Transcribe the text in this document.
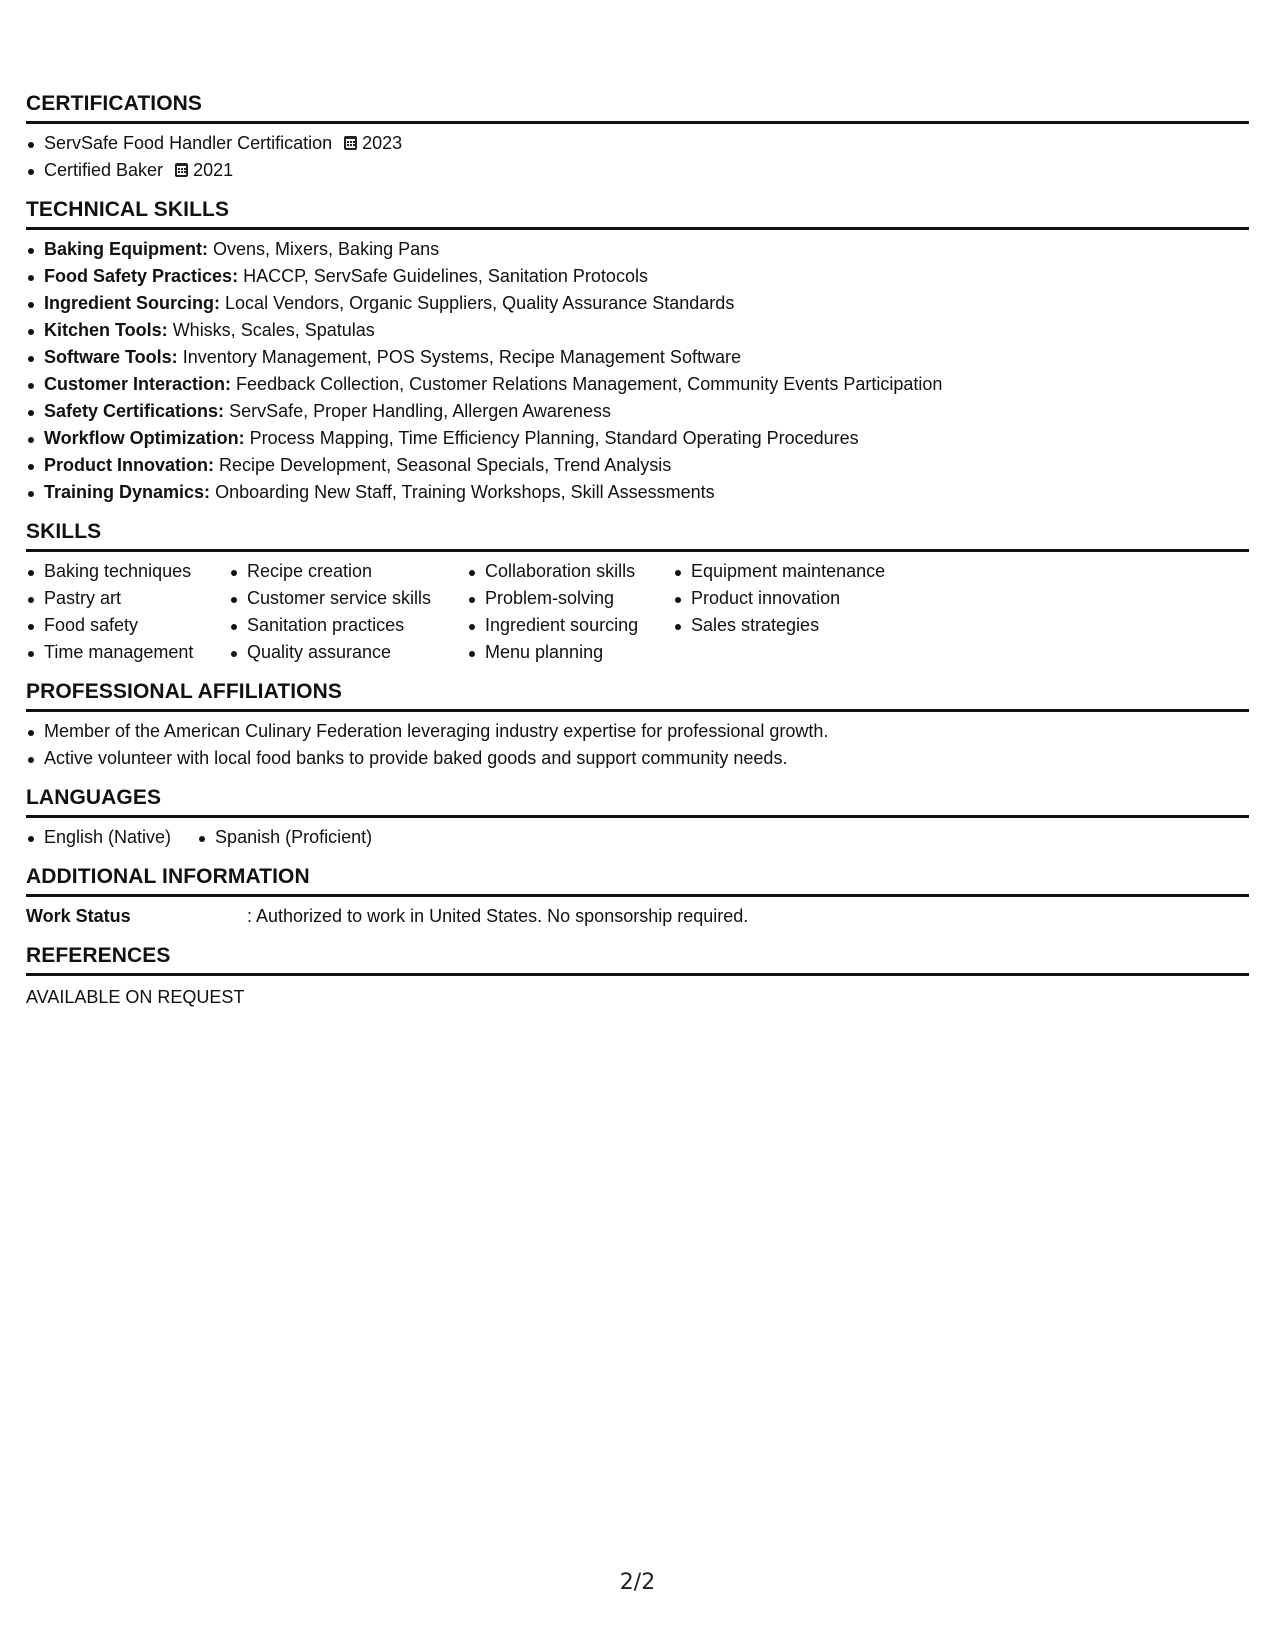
CERTIFICATIONS
ServSafe Food Handler Certification 2023
Certified Baker 2021
TECHNICAL SKILLS
Baking Equipment: Ovens, Mixers, Baking Pans
Food Safety Practices: HACCP, ServSafe Guidelines, Sanitation Protocols
Ingredient Sourcing: Local Vendors, Organic Suppliers, Quality Assurance Standards
Kitchen Tools: Whisks, Scales, Spatulas
Software Tools: Inventory Management, POS Systems, Recipe Management Software
Customer Interaction: Feedback Collection, Customer Relations Management, Community Events Participation
Safety Certifications: ServSafe, Proper Handling, Allergen Awareness
Workflow Optimization: Process Mapping, Time Efficiency Planning, Standard Operating Procedures
Product Innovation: Recipe Development, Seasonal Specials, Trend Analysis
Training Dynamics: Onboarding New Staff, Training Workshops, Skill Assessments
SKILLS
Baking techniques
Pastry art
Food safety
Time management
Recipe creation
Customer service skills
Sanitation practices
Quality assurance
Collaboration skills
Problem-solving
Ingredient sourcing
Menu planning
Equipment maintenance
Product innovation
Sales strategies
PROFESSIONAL AFFILIATIONS
Member of the American Culinary Federation leveraging industry expertise for professional growth.
Active volunteer with local food banks to provide baked goods and support community needs.
LANGUAGES
English (Native)	Spanish (Proficient)
ADDITIONAL INFORMATION
Work Status	: Authorized to work in United States. No sponsorship required.
REFERENCES
AVAILABLE ON REQUEST
2/2
